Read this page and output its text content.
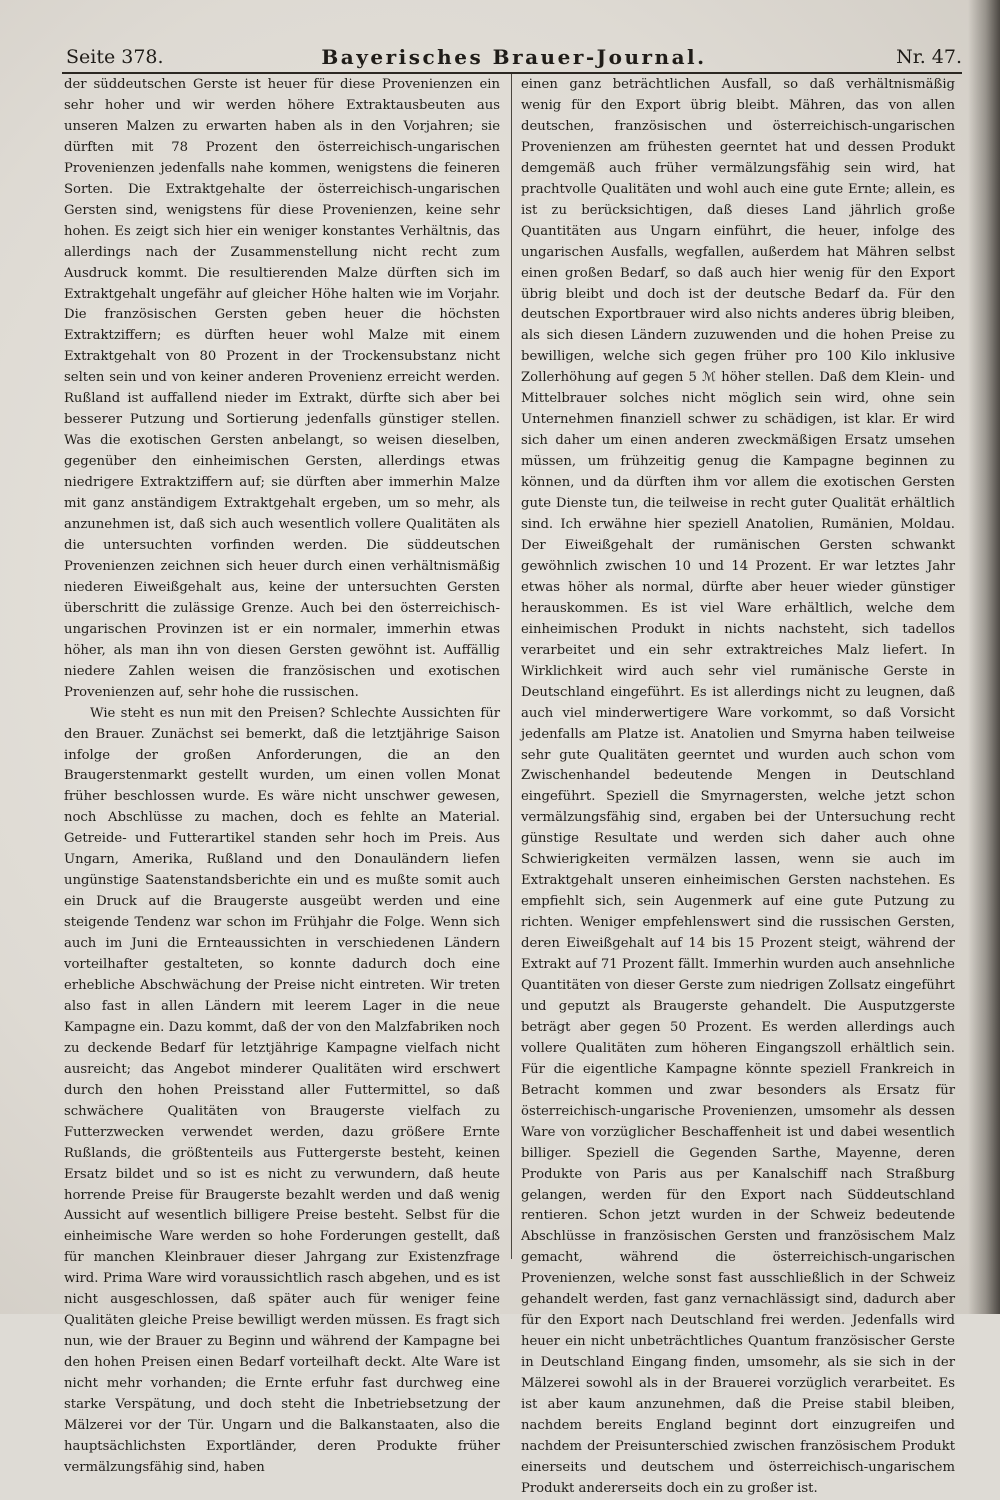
Seite 378.	Bayerisches Brauer-Journal.	Nr. 47.

der süddeutschen Gerste ist heuer für diese Provenienzen ein sehr hoher und wir werden höhere Extraktausbeuten aus unseren Malzen zu erwarten haben als in den Vorjahren; sie dürften mit 78 Prozent den österreichisch-ungarischen Provenienzen jedenfalls nahe kommen, wenigstens die feineren Sorten. Die Extraktgehalte der österreichisch-ungarischen Gersten sind, wenigstens für diese Provenienzen, keine sehr hohen. Es zeigt sich hier ein weniger konstantes Verhältnis, das allerdings nach der Zusammenstellung nicht recht zum Ausdruck kommt. Die resultierenden Malze dürften sich im Extraktgehalt ungefähr auf gleicher Höhe halten wie im Vorjahr. Die französischen Gersten geben heuer die höchsten Extraktziffern; es dürften heuer wohl Malze mit einem Extraktgehalt von 80 Prozent in der Trockensubstanz nicht selten sein und von keiner anderen Provenienz erreicht werden. Rußland ist auffallend nieder im Extrakt, dürfte sich aber bei besserer Putzung und Sortierung jedenfalls günstiger stellen. Was die exotischen Gersten anbelangt, so weisen dieselben, gegenüber den einheimischen Gersten, allerdings etwas niedrigere Extraktziffern auf; sie dürften aber immerhin Malze mit ganz anständigem Extraktgehalt ergeben, um so mehr, als anzunehmen ist, daß sich auch wesentlich vollere Qualitäten als die untersuchten vorfinden werden. Die süddeutschen Provenienzen zeichnen sich heuer durch einen verhältnismäßig niederen Eiweißgehalt aus, keine der untersuchten Gersten überschritt die zulässige Grenze. Auch bei den österreichisch-ungarischen Provinzen ist er ein normaler, immerhin etwas höher, als man ihn von diesen Gersten gewöhnt ist. Auffällig niedere Zahlen weisen die französischen und exotischen Provenienzen auf, sehr hohe die russischen.

Wie steht es nun mit den Preisen? Schlechte Aussichten für den Brauer. Zunächst sei bemerkt, daß die letztjährige Saison infolge der großen Anforderungen, die an den Braugerstenmarkt gestellt wurden, um einen vollen Monat früher beschlossen wurde. Es wäre nicht unschwer gewesen, noch Abschlüsse zu machen, doch es fehlte an Material. Getreide- und Futterartikel standen sehr hoch im Preis. Aus Ungarn, Amerika, Rußland und den Donauländern liefen ungünstige Saatenstandsberichte ein und es mußte somit auch ein Druck auf die Braugerste ausgeübt werden und eine steigende Tendenz war schon im Frühjahr die Folge. Wenn sich auch im Juni die Ernteaussichten in verschiedenen Ländern vorteilhafter gestalteten, so konnte dadurch doch eine erhebliche Abschwächung der Preise nicht eintreten. Wir treten also fast in allen Ländern mit leerem Lager in die neue Kampagne ein. Dazu kommt, daß der von den Malzfabriken noch zu deckende Bedarf für letztjährige Kampagne vielfach nicht ausreicht; das Angebot minderer Qualitäten wird erschwert durch den hohen Preisstand aller Futtermittel, so daß schwächere Qualitäten von Braugerste vielfach zu Futterzwecken verwendet werden, dazu größere Ernte Rußlands, die größtenteils aus Futtergerste besteht, keinen Ersatz bildet und so ist es nicht zu verwundern, daß heute horrende Preise für Braugerste bezahlt werden und daß wenig Aussicht auf wesentlich billigere Preise besteht. Selbst für die einheimische Ware werden so hohe Forderungen gestellt, daß für manchen Kleinbrauer dieser Jahrgang zur Existenzfrage wird. Prima Ware wird voraussichtlich rasch abgehen, und es ist nicht ausgeschlossen, daß später auch für weniger feine Qualitäten gleiche Preise bewilligt werden müssen. Es fragt sich nun, wie der Brauer zu Beginn und während der Kampagne bei den hohen Preisen einen Bedarf vorteilhaft deckt. Alte Ware ist nicht mehr vorhanden; die Ernte erfuhr fast durchweg eine starke Verspätung, und doch steht die Inbetriebsetzung der Mälzerei vor der Tür. Ungarn und die Balkanstaaten, also die hauptsächlichsten Exportländer, deren Produkte früher vermälzungsfähig sind, haben

einen ganz beträchtlichen Ausfall, so daß verhältnismäßig wenig für den Export übrig bleibt. Mähren, das von allen deutschen, französischen und österreichisch-ungarischen Provenienzen am frühesten geerntet hat und dessen Produkt demgemäß auch früher vermälzungsfähig sein wird, hat prachtvolle Qualitäten und wohl auch eine gute Ernte; allein, es ist zu berücksichtigen, daß dieses Land jährlich große Quantitäten aus Ungarn einführt, die heuer, infolge des ungarischen Ausfalls, wegfallen, außerdem hat Mähren selbst einen großen Bedarf, so daß auch hier wenig für den Export übrig bleibt und doch ist der deutsche Bedarf da. Für den deutschen Exportbrauer wird also nichts anderes übrig bleiben, als sich diesen Ländern zuzuwenden und die hohen Preise zu bewilligen, welche sich gegen früher pro 100 Kilo inklusive Zollerhöhung auf gegen 5 ℳ höher stellen. Daß dem Klein- und Mittelbrauer solches nicht möglich sein wird, ohne sein Unternehmen finanziell schwer zu schädigen, ist klar. Er wird sich daher um einen anderen zweckmäßigen Ersatz umsehen müssen, um frühzeitig genug die Kampagne beginnen zu können, und da dürften ihm vor allem die exotischen Gersten gute Dienste tun, die teilweise in recht guter Qualität erhältlich sind. Ich erwähne hier speziell Anatolien, Rumänien, Moldau. Der Eiweißgehalt der rumänischen Gersten schwankt gewöhnlich zwischen 10 und 14 Prozent. Er war letztes Jahr etwas höher als normal, dürfte aber heuer wieder günstiger herauskommen. Es ist viel Ware erhältlich, welche dem einheimischen Produkt in nichts nachsteht, sich tadellos verarbeitet und ein sehr extraktreiches Malz liefert. In Wirklichkeit wird auch sehr viel rumänische Gerste in Deutschland eingeführt. Es ist allerdings nicht zu leugnen, daß auch viel minderwertigere Ware vorkommt, so daß Vorsicht jedenfalls am Platze ist. Anatolien und Smyrna haben teilweise sehr gute Qualitäten geerntet und wurden auch schon vom Zwischenhandel bedeutende Mengen in Deutschland eingeführt. Speziell die Smyrnagersten, welche jetzt schon vermälzungsfähig sind, ergaben bei der Untersuchung recht günstige Resultate und werden sich daher auch ohne Schwierigkeiten vermälzen lassen, wenn sie auch im Extraktgehalt unseren einheimischen Gersten nachstehen. Es empfiehlt sich, sein Augenmerk auf eine gute Putzung zu richten. Weniger empfehlenswert sind die russischen Gersten, deren Eiweißgehalt auf 14 bis 15 Prozent steigt, während der Extrakt auf 71 Prozent fällt. Immerhin wurden auch ansehnliche Quantitäten von dieser Gerste zum niedrigen Zollsatz eingeführt und geputzt als Braugerste gehandelt. Die Ausputzgerste beträgt aber gegen 50 Prozent. Es werden allerdings auch vollere Qualitäten zum höheren Eingangszoll erhältlich sein. Für die eigentliche Kampagne könnte speziell Frankreich in Betracht kommen und zwar besonders als Ersatz für österreichisch-ungarische Provenienzen, umsomehr als dessen Ware von vorzüglicher Beschaffenheit ist und dabei wesentlich billiger. Speziell die Gegenden Sarthe, Mayenne, deren Produkte von Paris aus per Kanalschiff nach Straßburg gelangen, werden für den Export nach Süddeutschland rentieren. Schon jetzt wurden in der Schweiz bedeutende Abschlüsse in französischen Gersten und französischem Malz gemacht, während die österreichisch-ungarischen Provenienzen, welche sonst fast ausschließlich in der Schweiz gehandelt werden, fast ganz vernachlässigt sind, dadurch aber für den Export nach Deutschland frei werden. Jedenfalls wird heuer ein nicht unbeträchtliches Quantum französischer Gerste in Deutschland Eingang finden, umsomehr, als sie sich in der Mälzerei sowohl als in der Brauerei vorzüglich verarbeitet. Es ist aber kaum anzunehmen, daß die Preise stabil bleiben, nachdem bereits England beginnt dort einzugreifen und nachdem der Preisunterschied zwischen französischem Produkt einerseits und deutschem und österreichisch-ungarischem Produkt andererseits doch ein zu großer ist.
